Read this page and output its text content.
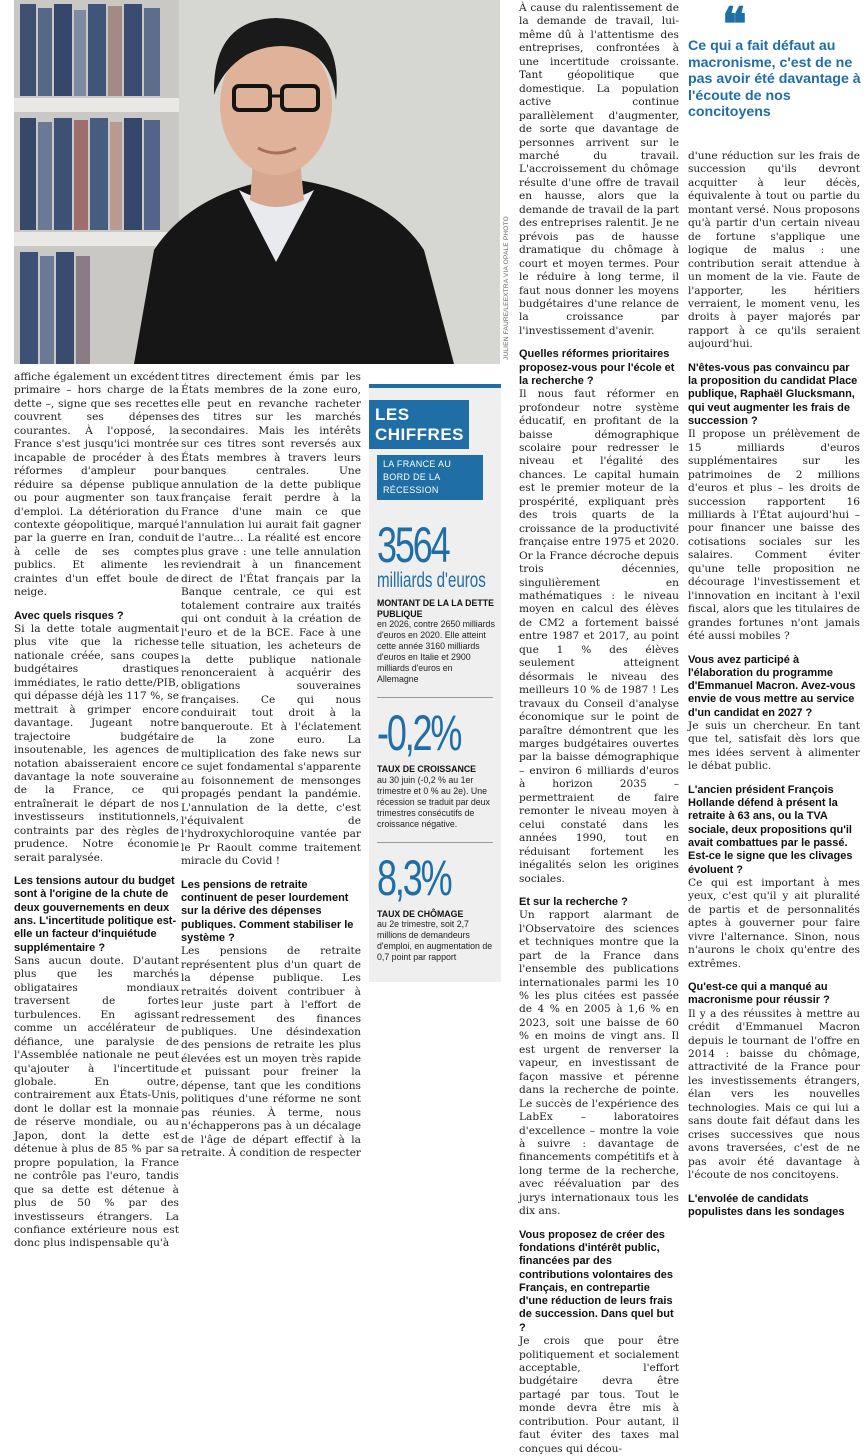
JULIEN FAURE/LEEXTRA VIA OPALE PHOTO
❝
Ce qui a fait défaut au macronisme, c'est de ne pas avoir été davantage à l'écoute de nos concitoyens

affiche également un excédent primaire – hors charge de la dette –, signe que ses recettes couvrent ses dépenses courantes. À l'opposé, la France s'est jusqu'ici montrée incapable de procéder à des réformes d'ampleur pour réduire sa dépense publique ou pour augmenter son taux d'emploi. La détérioration du contexte géopolitique, marqué par la guerre en Iran, conduit à celle de ses comptes publics. Et alimente les craintes d'un effet boule de neige.

Avec quels risques ?

Si la dette totale augmentait plus vite que la richesse nationale créée, sans coupes budgétaires drastiques immédiates, le ratio dette/PIB, qui dépasse déjà les 117 %, se mettrait à grimper encore davantage. Jugeant notre trajectoire budgétaire insoutenable, les agences de notation abaisseraient encore davantage la note souveraine de la France, ce qui entraînerait le départ de nos investisseurs institutionnels, contraints par des règles de prudence. Notre économie serait paralysée.

Les tensions autour du budget sont à l'origine de la chute de deux gouvernements en deux ans. L'incertitude politique est-elle un facteur d'inquiétude supplémentaire ?

Sans aucun doute. D'autant plus que les marchés obligataires mondiaux traversent de fortes turbulences. En agissant comme un accélérateur de défiance, une paralysie de l'Assemblée nationale ne peut qu'ajouter à l'incertitude globale. En outre, contrairement aux États-Unis, dont le dollar est la monnaie de réserve mondiale, ou au Japon, dont la dette est détenue à plus de 85 % par sa propre population, la France ne contrôle pas l'euro, tandis que sa dette est détenue à plus de 50 % par des investisseurs étrangers. La confiance extérieure nous est donc plus indispensable qu'à

titres directement émis par les États membres de la zone euro, elle peut en revanche racheter des titres sur les marchés secondaires. Mais les intérêts sur ces titres sont reversés aux États membres à travers leurs banques centrales. Une annulation de la dette publique française ferait perdre à la France d'une main ce que l'annulation lui aurait fait gagner de l'autre... La réalité est encore plus grave : une telle annulation reviendrait à un financement direct de l'État français par la Banque centrale, ce qui est totalement contraire aux traités qui ont conduit à la création de l'euro et de la BCE. Face à une telle situation, les acheteurs de la dette publique nationale renonceraient à acquérir des obligations souveraines françaises. Ce qui nous conduirait tout droit à la banqueroute. Et à l'éclatement de la zone euro. La multiplication des fake news sur ce sujet fondamental s'apparente au foisonnement de mensonges propagés pendant la pandémie. L'annulation de la dette, c'est l'équivalent de l'hydroxychloroquine vantée par le Pr Raoult comme traitement miracle du Covid !

Les pensions de retraite continuent de peser lourdement sur la dérive des dépenses publiques. Comment stabiliser le système ?

Les pensions de retraite représentent plus d'un quart de la dépense publique. Les retraités doivent contribuer à leur juste part à l'effort de redressement des finances publiques. Une désindexation des pensions de retraite les plus élevées est un moyen très rapide et puissant pour freiner la dépense, tant que les conditions politiques d'une réforme ne sont pas réunies. À terme, nous n'échapperons pas à un décalage de l'âge de départ effectif à la retraite. À condition de respecter

LES CHIFFRES
LA FRANCE AU BORD DE LA RÉCESSION
3564
milliards d'euros
MONTANT DE LA LA DETTE PUBLIQUE
en 2026, contre 2650 milliards d'euros en 2020. Elle atteint cette année 3160 milliards d'euros en Italie et 2900 milliards d'euros en Allemagne
-0,2%
TAUX DE CROISSANCE
au 30 juin (-0,2 % au 1er trimestre et 0 % au 2e). Une récession se traduit par deux trimestres consécutifs de croissance négative.
8,3%
TAUX DE CHÔMAGE
au 2e trimestre, soit 2,7 millions de demandeurs d'emploi, en augmentation de 0,7 point par rapport

À cause du ralentissement de la demande de travail, lui-même dû à l'attentisme des entreprises, confrontées à une incertitude croissante. Tant géopolitique que domestique. La population active continue parallèlement d'augmenter, de sorte que davantage de personnes arrivent sur le marché du travail. L'accroissement du chômage résulte d'une offre de travail en hausse, alors que la demande de travail de la part des entreprises ralentit. Je ne prévois pas de hausse dramatique du chômage à court et moyen termes. Pour le réduire à long terme, il faut nous donner les moyens budgétaires d'une relance de la croissance par l'investissement d'avenir.

Quelles réformes prioritaires proposez-vous pour l'école et la recherche ?

Il nous faut réformer en profondeur notre système éducatif, en profitant de la baisse démographique scolaire pour redresser le niveau et l'égalité des chances. Le capital humain est le premier moteur de la prospérité, expliquant près des trois quarts de la croissance de la productivité française entre 1975 et 2020. Or la France décroche depuis trois décennies, singulièrement en mathématiques : le niveau moyen en calcul des élèves de CM2 a fortement baissé entre 1987 et 2017, au point que 1 % des élèves seulement atteignent désormais le niveau des meilleurs 10 % de 1987 ! Les travaux du Conseil d'analyse économique sur le point de paraître démontrent que les marges budgétaires ouvertes par la baisse démographique – environ 6 milliards d'euros à horizon 2035 – permettraient de faire remonter le niveau moyen à celui constaté dans les années 1990, tout en réduisant fortement les inégalités selon les origines sociales.

Et sur la recherche ?

Un rapport alarmant de l'Observatoire des sciences et techniques montre que la part de la France dans l'ensemble des publications internationales parmi les 10 % les plus citées est passée de 4 % en 2005 à 1,6 % en 2023, soit une baisse de 60 % en moins de vingt ans. Il est urgent de renverser la vapeur, en investissant de façon massive et pérenne dans la recherche de pointe. Le succès de l'expérience des LabEx – laboratoires d'excellence – montre la voie à suivre : davantage de financements compétitifs et à long terme de la recherche, avec réévaluation par des jurys internationaux tous les dix ans.

Vous proposez de créer des fondations d'intérêt public, financées par des contributions volontaires des Français, en contrepartie d'une réduction de leurs frais de succession. Dans quel but ?

Je crois que pour être politiquement et socialement acceptable, l'effort budgétaire devra être partagé par tous. Tout le monde devra être mis à contribution. Pour autant, il faut éviter des taxes mal conçues qui décou-

d'une réduction sur les frais de succession qu'ils devront acquitter à leur décès, équivalente à tout ou partie du montant versé. Nous proposons qu'à partir d'un certain niveau de fortune s'applique une logique de malus : une contribution serait attendue à un moment de la vie. Faute de l'apporter, les héritiers verraient, le moment venu, les droits à payer majorés par rapport à ce qu'ils seraient aujourd'hui.

N'êtes-vous pas convaincu par la proposition du candidat Place publique, Raphaël Glucksmann, qui veut augmenter les frais de succession ?

Il propose un prélèvement de 15 milliards d'euros supplémentaires sur les patrimoines de 2 millions d'euros et plus – les droits de succession rapportent 16 milliards à l'État aujourd'hui – pour financer une baisse des cotisations sociales sur les salaires. Comment éviter qu'une telle proposition ne décourage l'investissement et l'innovation en incitant à l'exil fiscal, alors que les titulaires de grandes fortunes n'ont jamais été aussi mobiles ?

Vous avez participé à l'élaboration du programme d'Emmanuel Macron. Avez-vous envie de vous mettre au service d'un candidat en 2027 ?

Je suis un chercheur. En tant que tel, satisfait dès lors que mes idées servent à alimenter le débat public.

L'ancien président François Hollande défend à présent la retraite à 63 ans, ou la TVA sociale, deux propositions qu'il avait combattues par le passé. Est-ce le signe que les clivages évoluent ?

Ce qui est important à mes yeux, c'est qu'il y ait pluralité de partis et de personnalités aptes à gouverner pour faire vivre l'alternance. Sinon, nous n'aurons le choix qu'entre des extrêmes.

Qu'est-ce qui a manqué au macronisme pour réussir ?

Il y a des réussites à mettre au crédit d'Emmanuel Macron depuis le tournant de l'offre en 2014 : baisse du chômage, attractivité de la France pour les investissements étrangers, élan vers les nouvelles technologies. Mais ce qui lui a sans doute fait défaut dans les crises successives que nous avons traversées, c'est de ne pas avoir été davantage à l'écoute de nos concitoyens.

L'envolée de candidats populistes dans les sondages
